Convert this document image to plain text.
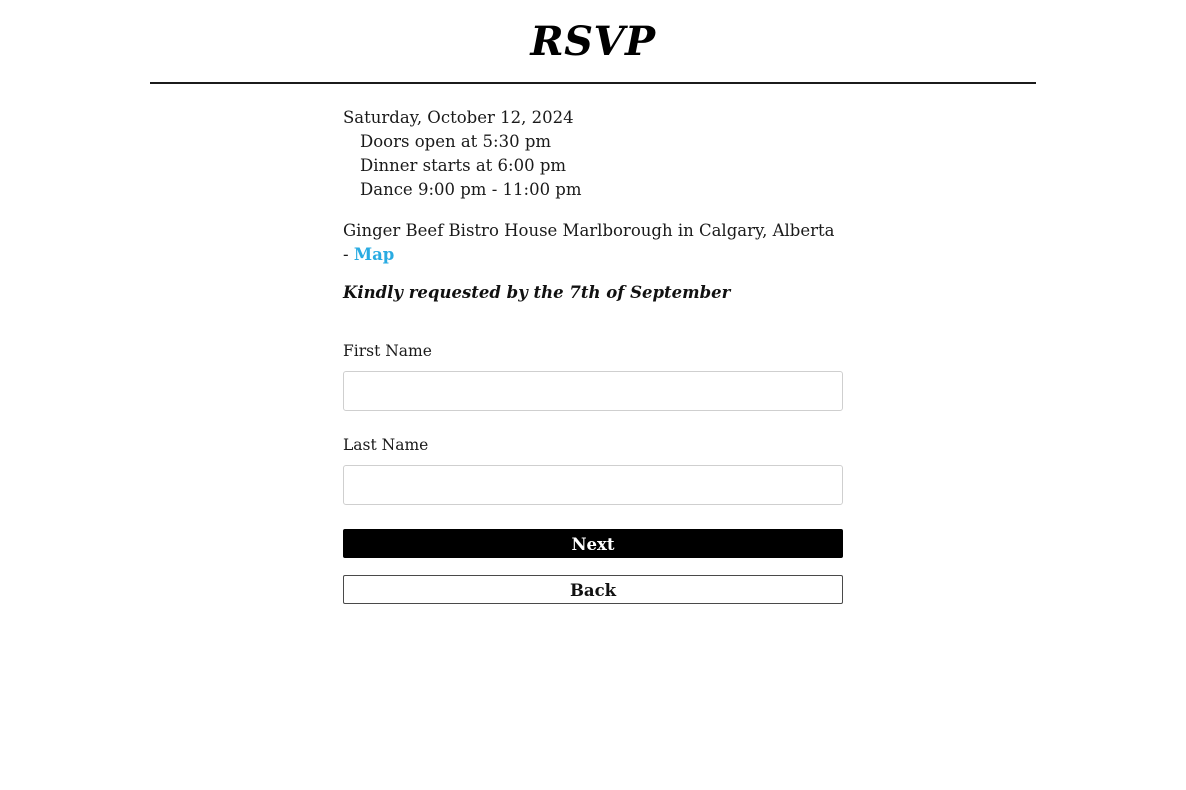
RSVP
Saturday, October 12, 2024
Doors open at 5:30 pm
Dinner starts at 6:00 pm
Dance 9:00 pm - 11:00 pm
Ginger Beef Bistro House Marlborough in Calgary, Alberta - Map
Kindly requested by the 7th of September
First Name
Last Name
Next
Back
